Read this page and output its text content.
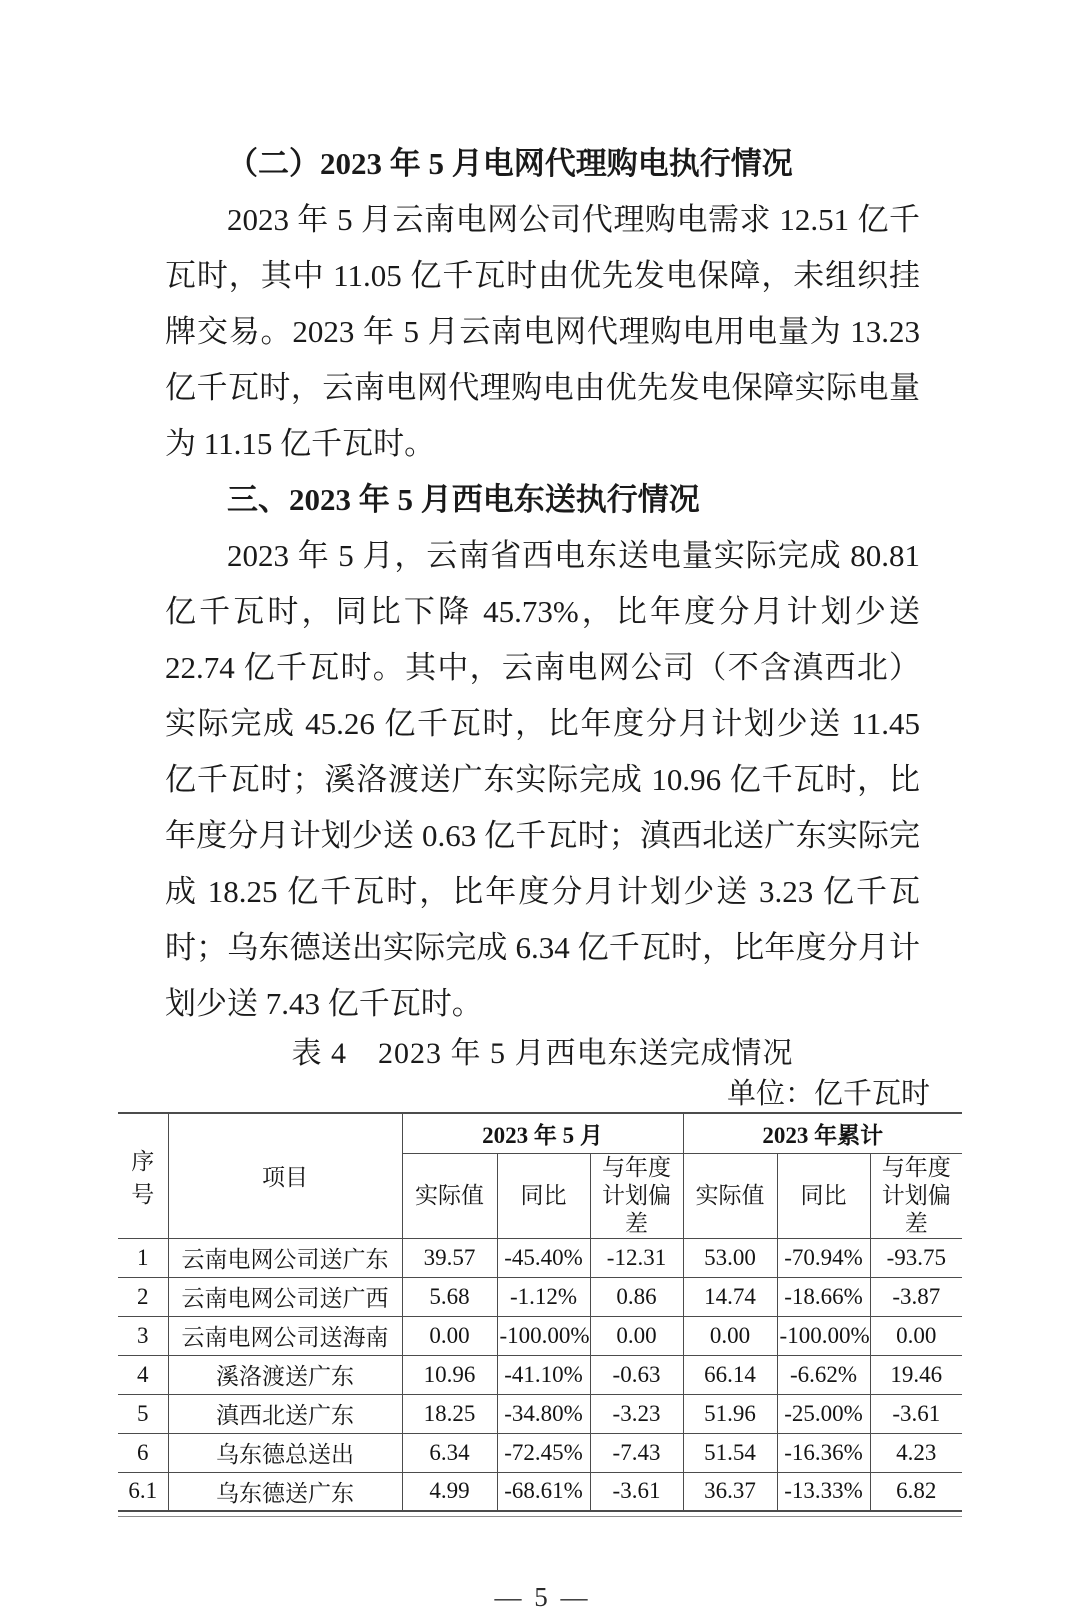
（二）2023 年 5 月电网代理购电执行情况

2023 年 5 月云南电网公司代理购电需求 12.51 亿千瓦时，其中 11.05 亿千瓦时由优先发电保障，未组织挂牌交易。2023 年 5 月云南电网代理购电用电量为 13.23 亿千瓦时，云南电网代理购电由优先发电保障实际电量为 11.15 亿千瓦时。

三、2023 年 5 月西电东送执行情况

2023 年 5 月，云南省西电东送电量实际完成 80.81 亿千瓦时，同比下降 45.73%，比年度分月计划少送 22.74 亿千瓦时。其中，云南电网公司（不含滇西北）实际完成 45.26 亿千瓦时，比年度分月计划少送 11.45 亿千瓦时；溪洛渡送广东实际完成 10.96 亿千瓦时，比年度分月计划少送 0.63 亿千瓦时；滇西北送广东实际完成 18.25 亿千瓦时，比年度分月计划少送 3.23 亿千瓦时；乌东德送出实际完成 6.34 亿千瓦时，比年度分月计划少送 7.43 亿千瓦时。

表 4　2023 年 5 月西电东送完成情况
单位：亿千瓦时
序号	项目	2023 年 5 月			2023 年累计		
		实际值	同比	与年度计划偏差	实际值	同比	与年度计划偏差
1	云南电网公司送广东	39.57	-45.40%	-12.31	53.00	-70.94%	-93.75
2	云南电网公司送广西	5.68	-1.12%	0.86	14.74	-18.66%	-3.87
3	云南电网公司送海南	0.00	-100.00%	0.00	0.00	-100.00%	0.00
4	溪洛渡送广东	10.96	-41.10%	-0.63	66.14	-6.62%	19.46
5	滇西北送广东	18.25	-34.80%	-3.23	51.96	-25.00%	-3.61
6	乌东德总送出	6.34	-72.45%	-7.43	51.54	-16.36%	4.23
6.1	乌东德送广东	4.99	-68.61%	-3.61	36.37	-13.33%	6.82
— 5 —
